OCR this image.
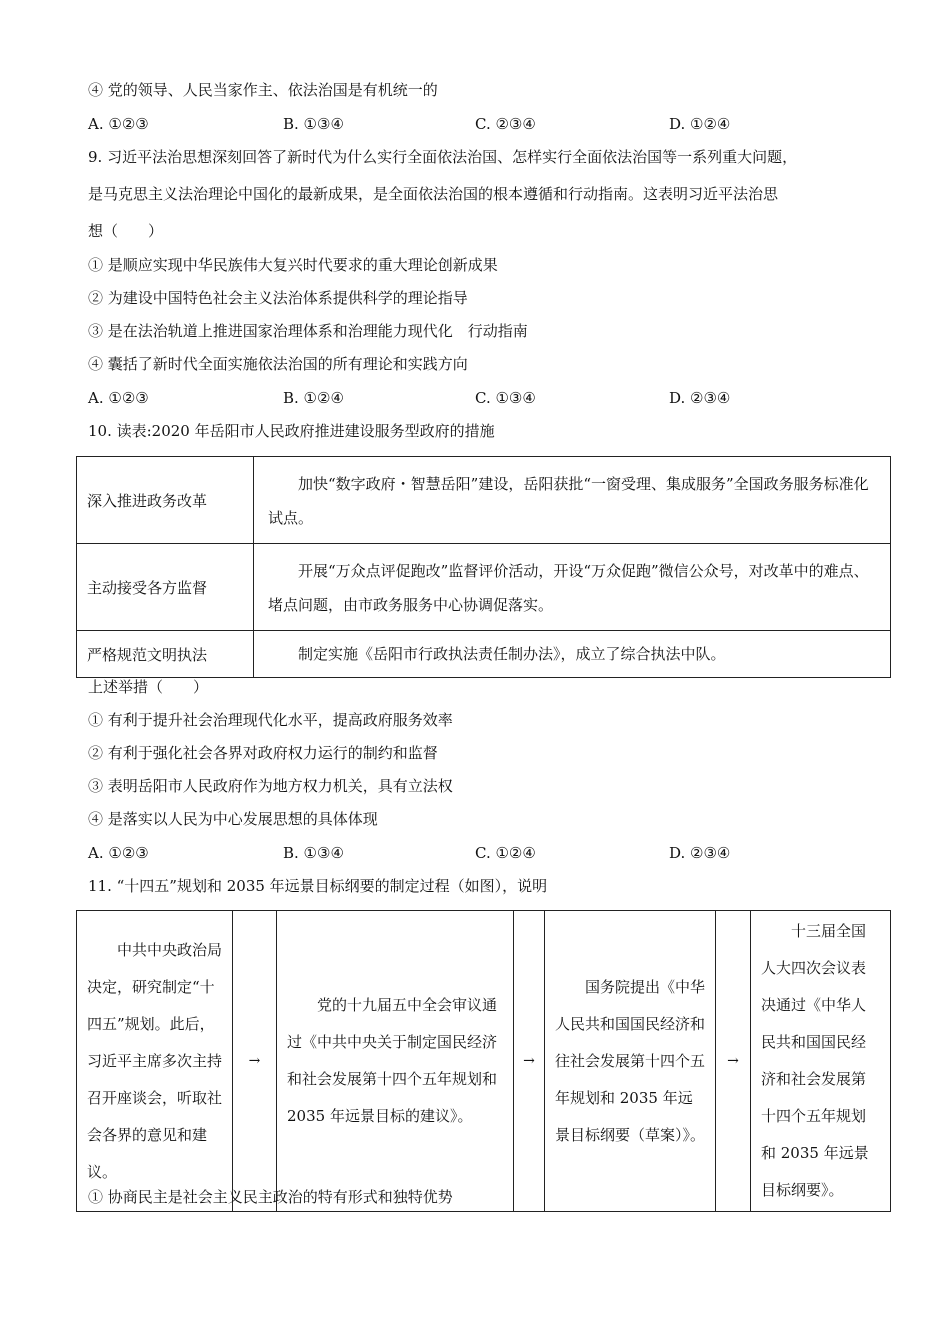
④ 党的领导、人民当家作主、依法治国是有机统一的
A. ①②③	B. ①③④	C. ②③④	D. ①②④
9. 习近平法治思想深刻回答了新时代为什么实行全面依法治国、怎样实行全面依法治国等一系列重大问题，
是马克思主义法治理论中国化的最新成果，是全面依法治国的根本遵循和行动指南。这表明习近平法治思
想（　　）
① 是顺应实现中华民族伟大复兴时代要求的重大理论创新成果
② 为建设中国特色社会主义法治体系提供科学的理论指导
③ 是在法治轨道上推进国家治理体系和治理能力现代化　行动指南
④ 囊括了新时代全面实施依法治国的所有理论和实践方向
A. ①②③	B. ①②④	C. ①③④	D. ②③④
10. 读表:2020 年岳阳市人民政府推进建设服务型政府的措施
深入推进政务改革	加快“数字政府・智慧岳阳”建设，岳阳获批“一窗受理、集成服务”全国政务服务标准化试点。
主动接受各方监督	开展“万众点评促跑改”监督评价活动，开设“万众促跑”微信公众号，对改革中的难点、堵点问题，由市政务服务中心协调促落实。
严格规范文明执法	制定实施《岳阳市行政执法责任制办法》，成立了综合执法中队。
上述举措（　　）
① 有利于提升社会治理现代化水平，提高政府服务效率
② 有利于强化社会各界对政府权力运行的制约和监督
③ 表明岳阳市人民政府作为地方权力机关，具有立法权
④ 是落实以人民为中心发展思想的具体体现
A. ①②③	B. ①③④	C. ①②④	D. ②③④
11. “十四五”规划和 2035 年远景目标纲要的制定过程（如图），说明
中共中央政治局决定，研究制定“十四五”规划。此后，习近平主席多次主持召开座谈会，听取社会各界的意见和建议。
	→	
党的十九届五中全会审议通过《中共中央关于制定国民经济和社会发展第十四个五年规划和 2035 年远景目标的建议》。
	→	
国务院提出《中华人民共和国国民经济和往社会发展第十四个五年规划和 2035 年远景目标纲要（草案）》。
	→	
十三届全国人大四次会议表决通过《中华人民共和国国民经济和社会发展第十四个五年规划和 2035 年远景目标纲要》。
① 协商民主是社会主义民主政治的特有形式和独特优势
